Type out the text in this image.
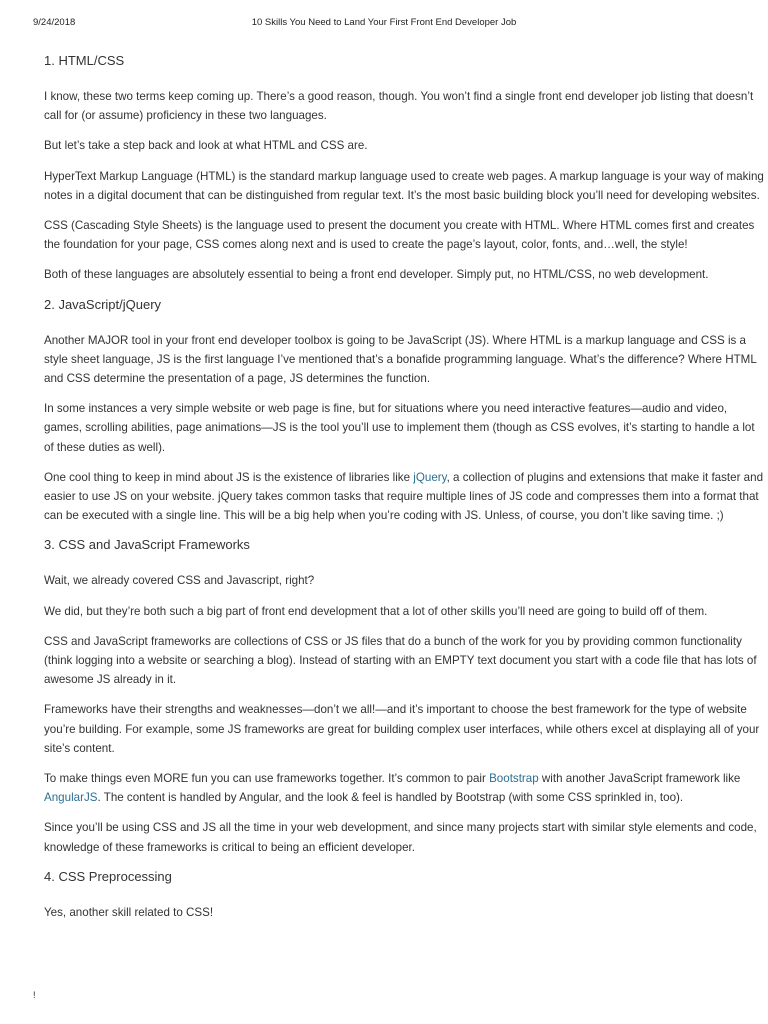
9/24/2018	10 Skills You Need to Land Your First Front End Developer Job
1. HTML/CSS

I know, these two terms keep coming up. There’s a good reason, though. You won’t find a single front end developer job listing that doesn’t call for (or assume) proficiency in these two languages.

But let’s take a step back and look at what HTML and CSS are.

HyperText Markup Language (HTML) is the standard markup language used to create web pages. A markup language is your way of making notes in a digital document that can be distinguished from regular text. It’s the most basic building block you’ll need for developing websites.

CSS (Cascading Style Sheets) is the language used to present the document you create with HTML. Where HTML comes first and creates the foundation for your page, CSS comes along next and is used to create the page’s layout, color, fonts, and…well, the style!

Both of these languages are absolutely essential to being a front end developer. Simply put, no HTML/CSS, no web development.

2. JavaScript/jQuery

Another MAJOR tool in your front end developer toolbox is going to be JavaScript (JS). Where HTML is a markup language and CSS is a style sheet language, JS is the first language I’ve mentioned that’s a bonafide programming language. What’s the difference? Where HTML and CSS determine the presentation of a page, JS determines the function.

In some instances a very simple website or web page is fine, but for situations where you need interactive features—audio and video, games, scrolling abilities, page animations—JS is the tool you’ll use to implement them (though as CSS evolves, it’s starting to handle a lot of these duties as well).

One cool thing to keep in mind about JS is the existence of libraries like jQuery, a collection of plugins and extensions that make it faster and easier to use JS on your website. jQuery takes common tasks that require multiple lines of JS code and compresses them into a format that can be executed with a single line. This will be a big help when you’re coding with JS. Unless, of course, you don’t like saving time. ;)

3. CSS and JavaScript Frameworks

Wait, we already covered CSS and Javascript, right?

We did, but they’re both such a big part of front end development that a lot of other skills you’ll need are going to build off of them.

CSS and JavaScript frameworks are collections of CSS or JS files that do a bunch of the work for you by providing common functionality (think logging into a website or searching a blog). Instead of starting with an EMPTY text document you start with a code file that has lots of awesome JS already in it.

Frameworks have their strengths and weaknesses—don’t we all!—and it’s important to choose the best framework for the type of website you’re building. For example, some JS frameworks are great for building complex user interfaces, while others excel at displaying all of your site’s content.

To make things even MORE fun you can use frameworks together. It’s common to pair Bootstrap with another JavaScript framework like AngularJS. The content is handled by Angular, and the look & feel is handled by Bootstrap (with some CSS sprinkled in, too).

Since you’ll be using CSS and JS all the time in your web development, and since many projects start with similar style elements and code, knowledge of these frameworks is critical to being an efficient developer.

4. CSS Preprocessing

Yes, another skill related to CSS!

!
